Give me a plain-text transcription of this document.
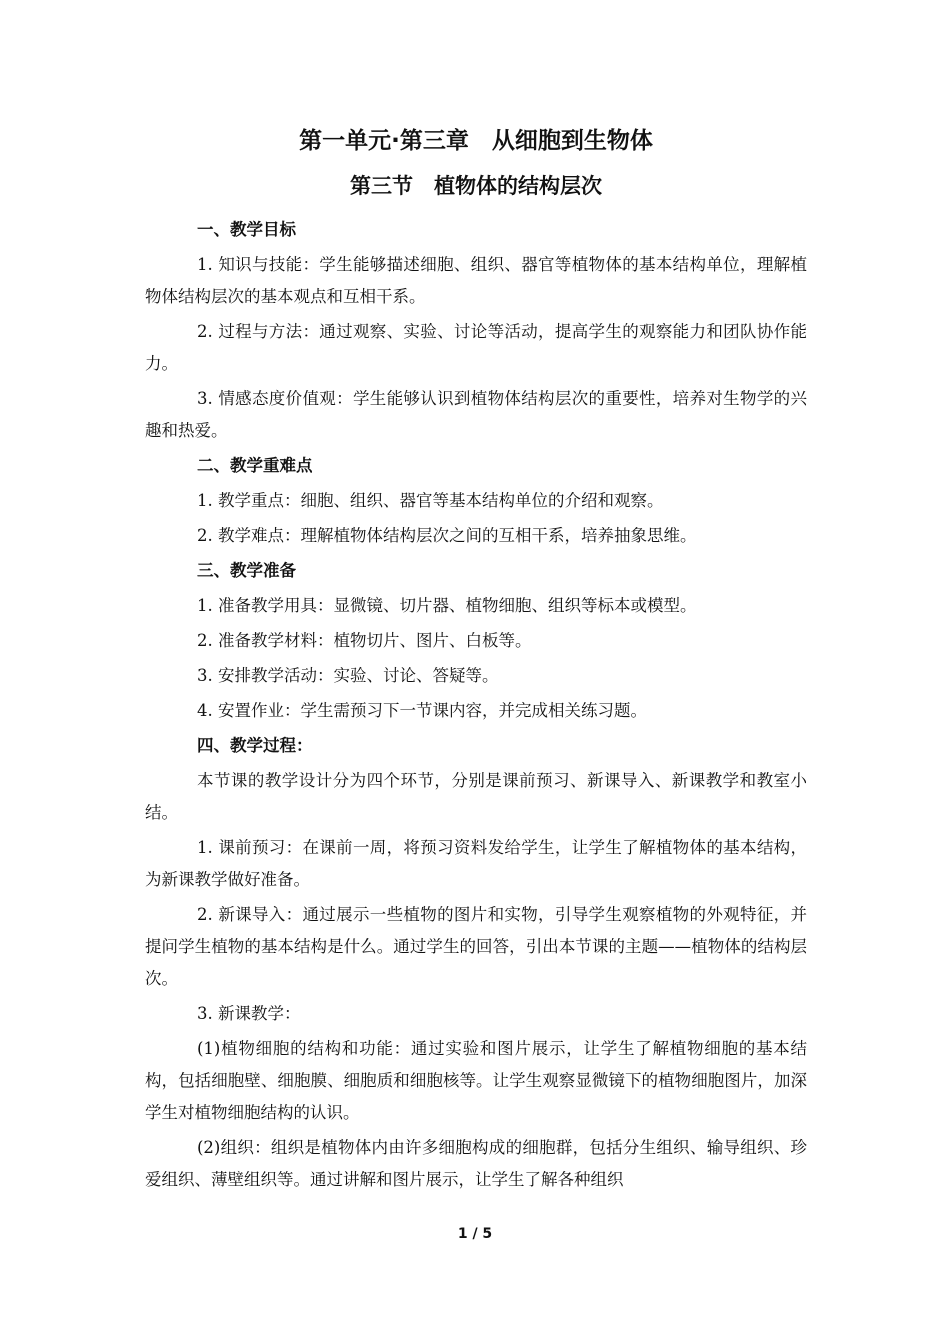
第一单元·第三章　从细胞到生物体
第三节　植物体的结构层次
一、教学目标

1. 知识与技能：学生能够描述细胞、组织、器官等植物体的基本结构单位，理解植物体结构层次的基本观点和互相干系。

2. 过程与方法：通过观察、实验、讨论等活动，提高学生的观察能力和团队协作能力。

3. 情感态度价值观：学生能够认识到植物体结构层次的重要性，培养对生物学的兴趣和热爱。

二、教学重难点

1. 教学重点：细胞、组织、器官等基本结构单位的介绍和观察。

2. 教学难点：理解植物体结构层次之间的互相干系，培养抽象思维。

三、教学准备

1. 准备教学用具：显微镜、切片器、植物细胞、组织等标本或模型。

2. 准备教学材料：植物切片、图片、白板等。

3. 安排教学活动：实验、讨论、答疑等。

4. 安置作业：学生需预习下一节课内容，并完成相关练习题。

四、教学过程：

本节课的教学设计分为四个环节，分别是课前预习、新课导入、新课教学和教室小结。

1. 课前预习：在课前一周，将预习资料发给学生，让学生了解植物体的基本结构，为新课教学做好准备。

2. 新课导入：通过展示一些植物的图片和实物，引导学生观察植物的外观特征，并提问学生植物的基本结构是什么。通过学生的回答，引出本节课的主题——植物体的结构层次。

3. 新课教学：

(1)植物细胞的结构和功能：通过实验和图片展示，让学生了解植物细胞的基本结构，包括细胞壁、细胞膜、细胞质和细胞核等。让学生观察显微镜下的植物细胞图片，加深学生对植物细胞结构的认识。

(2)组织：组织是植物体内由许多细胞构成的细胞群，包括分生组织、输导组织、珍爱组织、薄壁组织等。通过讲解和图片展示，让学生了解各种组织

1 / 5
